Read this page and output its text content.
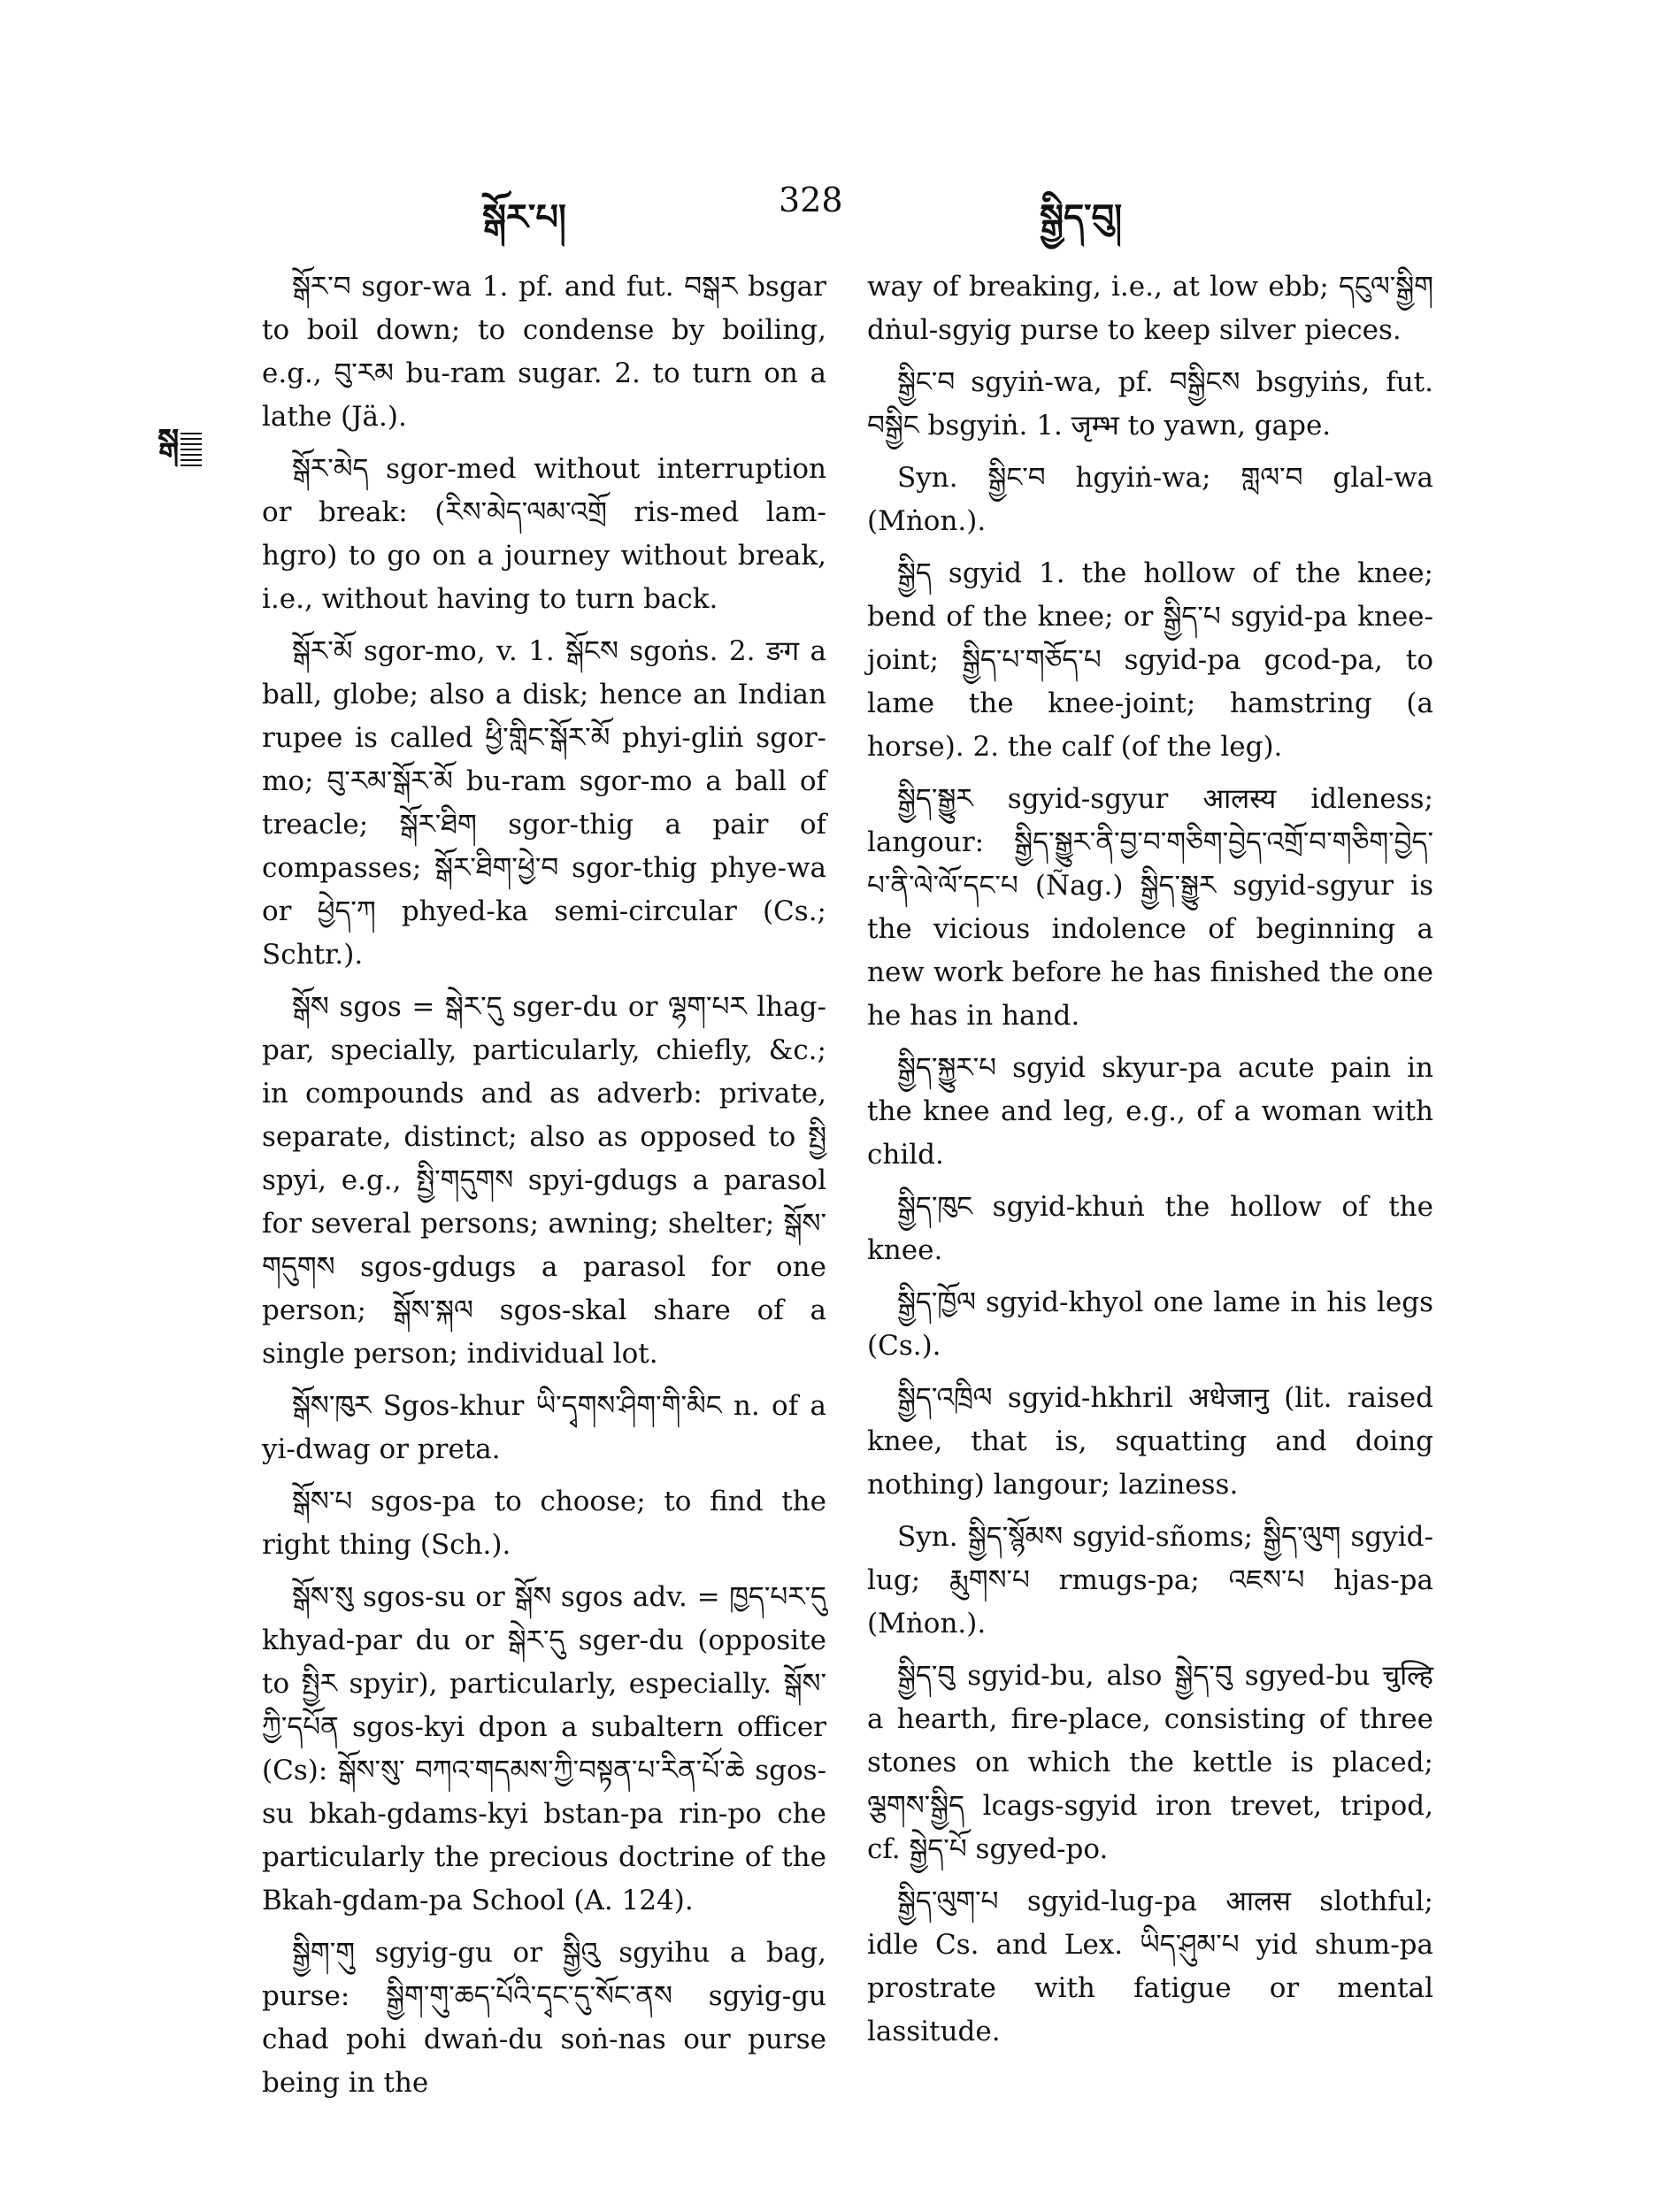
སྒོར་པ།	328	སྒྱིད་བུ།
སྒ

སྒོར་བ sgor-wa 1. pf. and fut. བསྒར bsgar to boil down; to condense by boiling, e.g., བུ་རམ bu-ram sugar. 2. to turn on a lathe (Jä.).

སྒོར་མེད sgor-med without interruption or break: (རིས་མེད་ལམ་འགྲོ ris-med lam-hgro) to go on a journey without break, i.e., without having to turn back.

སྒོར་མོ sgor-mo, v. 1. སྒོངས sgoṅs. 2. ङग a ball, globe; also a disk; hence an Indian rupee is called ཕྱི་གླིང་སྒོར་མོ phyi-gliṅ sgor-mo; བུ་རམ་སྒོར་མོ bu-ram sgor-mo a ball of treacle; སྒོར་ཐིག sgor-thig a pair of compasses; སྒོར་ཐིག་ཕྱེ་བ sgor-thig phye-wa or ཕྱེད་ཀ phyed-ka semi-circular (Cs.; Schtr.).

སྒོས sgos = སྒེར་དུ sger-du or ལྷག་པར lhag-par, specially, particularly, chiefly, &c.; in compounds and as adverb: private, separate, distinct; also as opposed to སྤྱི spyi, e.g., སྤྱི་གདུགས spyi-gdugs a parasol for several persons; awning; shelter; སྒོས་གདུགས sgos-gdugs a parasol for one person; སྒོས་སྐལ sgos-skal share of a single person; individual lot.

སྒོས་ཁུར Sgos-khur ཡི་དྭགས་ཤིག་གི་མིང n. of a yi-dwag or preta.

སྒོས་པ sgos-pa to choose; to find the right thing (Sch.).

སྒོས་སུ sgos-su or སྒོས sgos adv. = ཁྱད་པར་དུ khyad-par du or སྒེར་དུ sger-du (opposite to སྤྱིར spyir), particularly, especially. སྒོས་ཀྱི་དཔོན sgos-kyi dpon a subaltern officer (Cs): སྒོས་སུ་ བཀའ་གདམས་ཀྱི་བསྟན་པ་རིན་པོ་ཆེ sgos-su bkah-gdams-kyi bstan-pa rin-po che particularly the precious doctrine of the Bkah-gdam-pa School (A. 124).

སྒྱིག་གུ sgyig-gu or སྒྱིའུ sgyihu a bag, purse: སྒྱིག་གུ་ཆད་པོའི་དྭང་དུ་སོང་ནས sgyig-gu chad pohi dwaṅ-du soṅ-nas our purse being in the

way of breaking, i.e., at low ebb; དངུལ་སྒྱིག dṅul-sgyig purse to keep silver pieces.

སྒྱིང་བ sgyiṅ-wa, pf. བསྒྱིངས bsgyiṅs, fut. བསྒྱིང bsgyiṅ. 1. जृम्भ to yawn, gape.

Syn. སྒྱིང་བ hgyiṅ-wa; གླལ་བ glal-wa (Mṅon.).

སྒྱིད sgyid 1. the hollow of the knee; bend of the knee; or སྒྱིད་པ sgyid-pa knee-joint; སྒྱིད་པ་གཅོད་པ sgyid-pa gcod-pa, to lame the knee-joint; hamstring (a horse). 2. the calf (of the leg).

སྒྱིད་སྒྱུར sgyid-sgyur आलस्य idleness; langour: སྒྱིད་སྒྱུར་ནི་བྱ་བ་གཅིག་བྱེད་འགྲོ་བ་གཅིག་བྱེད་པ་ནི་ལེ་ལོ་དང་པ (Ñag.) སྒྱིད་སྒྱུར sgyid-sgyur is the vicious indolence of beginning a new work before he has finished the one he has in hand.

སྒྱིད་སྐྱུར་པ sgyid skyur-pa acute pain in the knee and leg, e.g., of a woman with child.

སྒྱིད་ཁུང sgyid-khuṅ the hollow of the knee.

སྒྱིད་ཁྱོལ sgyid-khyol one lame in his legs (Cs.).

སྒྱིད་འཁྲིལ sgyid-hkhril अधेजानु (lit. raised knee, that is, squatting and doing nothing) langour; laziness.

Syn. སྒྱིད་སྙོམས sgyid-sñoms; སྒྱིད་ལུག sgyid-lug; རྨུགས་པ rmugs-pa; འཇས་པ hjas-pa (Mṅon.).

སྒྱིད་བུ sgyid-bu, also སྒྱེད་བུ sgyed-bu चुल्हि a hearth, fire-place, consisting of three stones on which the kettle is placed; ལྕགས་སྒྱིད lcags-sgyid iron trevet, tripod, cf. སྒྱེད་པོ sgyed-po.

སྒྱིད་ལུག་པ sgyid-lug-pa आलस slothful; idle Cs. and Lex. ཡིད་ཤུམ་པ yid shum-pa prostrate with fatigue or mental lassitude.
